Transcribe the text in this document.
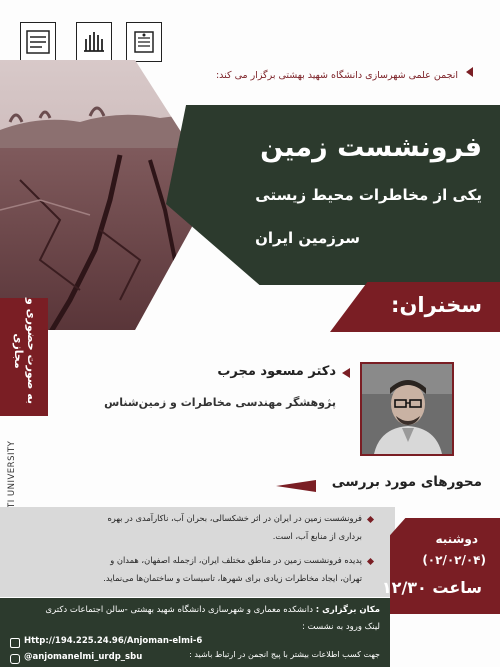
انجمن علمی شهرسازی دانشگاه شهید بهشتی برگزار می کند:
به صورت حضوری و
مجازی
فرونشست زمین
یکی از مخاطرات محیط زیستی
سرزمین ایران
سخنران:
دکتر مسعود مجرب
پژوهشگر مهندسی مخاطرات و زمین‌شناس
محورهای مورد بررسی
فرونشست زمین در ایران در اثر خشکسالی، بحران آب، ناکارآمدی در بهره
برداری از منابع آب، است.
پدیده فرونشست زمین در مناطق مختلف ایران، ازجمله اصفهان، همدان و
تهران، ایجاد مخاطرات زیادی برای شهرها، تاسیسات و ساختمان‌ها می‌نماید.
دوشنبه
(۰۲/۰۲/۰۴)
ساعت ۱۲/۳۰
مکان برگزاری : دانشکده معماری و شهرسازی دانشگاه شهید بهشتی -سالن اجتماعات دکتری
لینک ورود به نشست :
Http://194.225.24.96/Anjoman-elmi-6
جهت کسب اطلاعات بیشتر با پیج انجمن در ارتباط باشید :
@anjomanelmi_urdp_sbu
